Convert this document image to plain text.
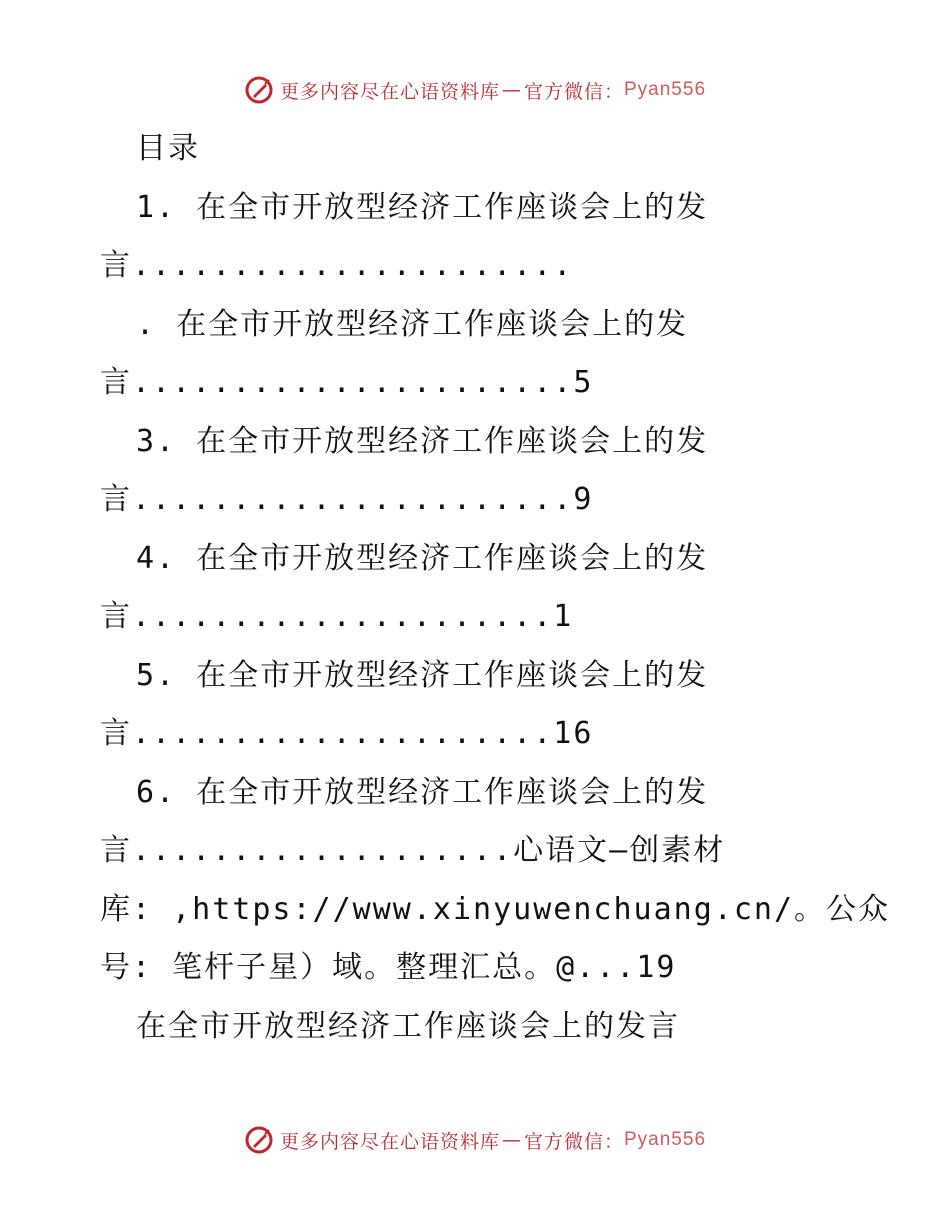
更多内容尽在心语资料库 — 官方微信： Pyan556
目录
1. 在全市开放型经济工作座谈会上的发
言......................
. 在全市开放型经济工作座谈会上的发
言......................5
3. 在全市开放型经济工作座谈会上的发
言......................9
4. 在全市开放型经济工作座谈会上的发
言.....................1
5. 在全市开放型经济工作座谈会上的发
言.....................16
6. 在全市开放型经济工作座谈会上的发
言...................心语文—创素材
库: ,https://www.xinyuwenchuang.cn/。公众
号: 笔杆子星）域。整理汇总。@...19
在全市开放型经济工作座谈会上的发言
更多内容尽在心语资料库 — 官方微信： Pyan556
